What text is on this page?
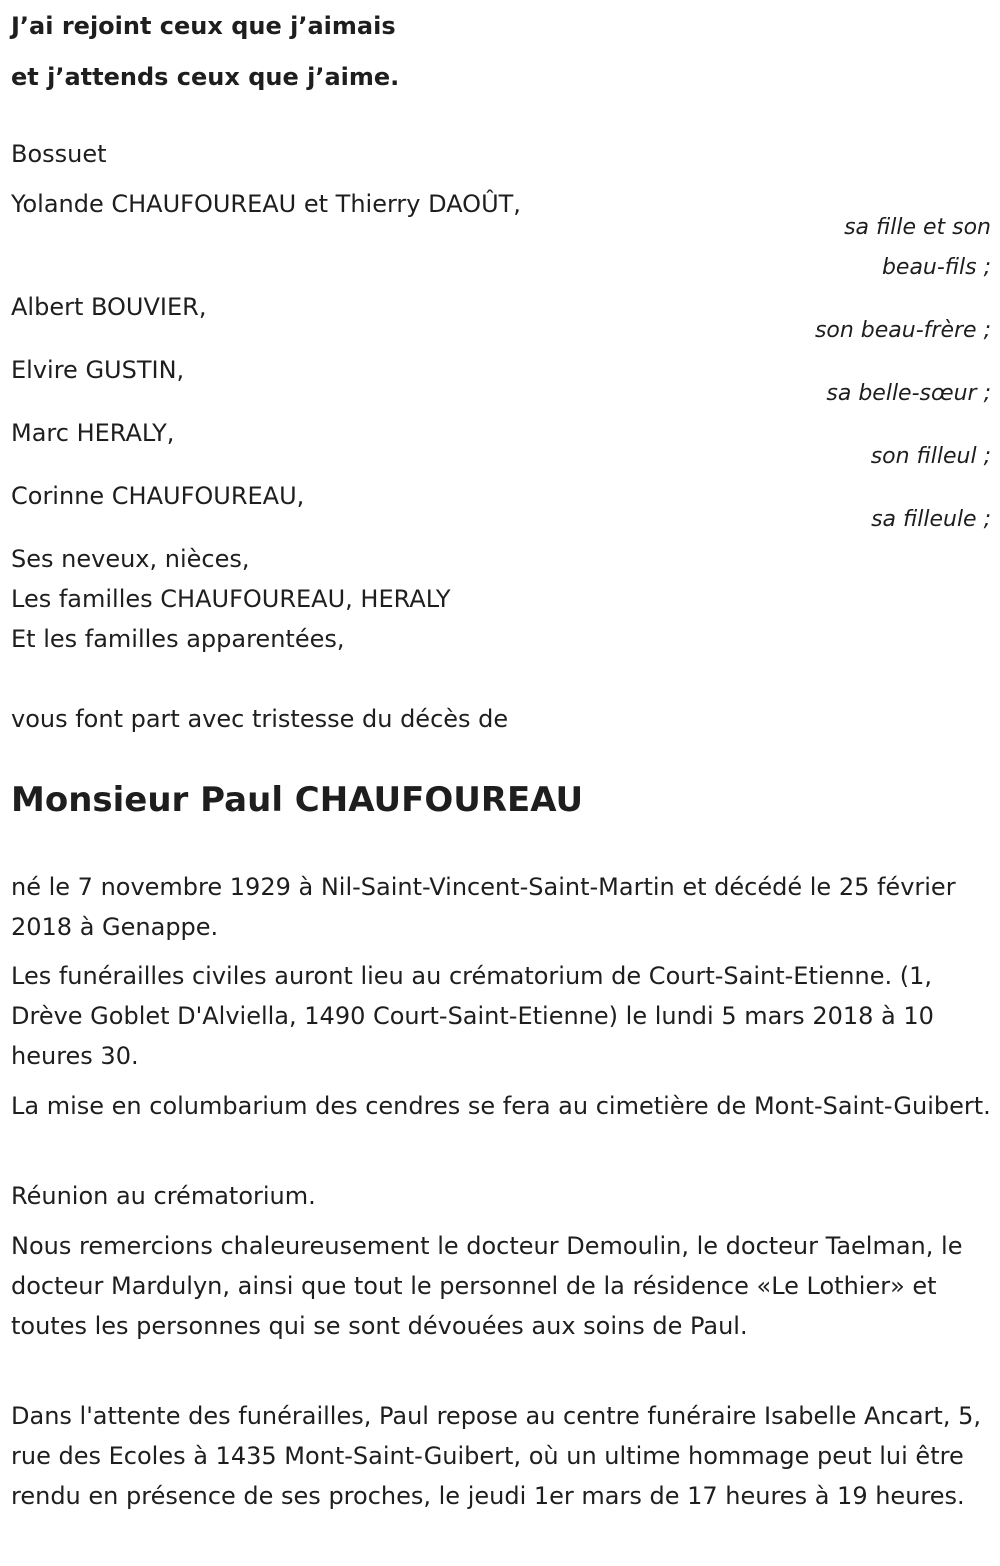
J’ai rejoint ceux que j’aimais

et j’attends ceux que j’aime.

Bossuet

Yolande CHAUFOUREAU et Thierry DAOÛT,

sa fille et son

beau-fils ;

Albert BOUVIER,

son beau-frère ;

Elvire GUSTIN,

sa belle-sœur ;

Marc HERALY,

son filleul ;

Corinne CHAUFOUREAU,

sa filleule ;

Ses neveux, nièces,

Les familles CHAUFOUREAU, HERALY

Et les familles apparentées,

vous font part avec tristesse du décès de

Monsieur Paul CHAUFOUREAU

né le 7 novembre 1929 à Nil-Saint-Vincent-Saint-Martin et décédé le 25 février 2018 à Genappe.

Les funérailles civiles auront lieu au crématorium de Court-Saint-Etienne. (1, Drève Goblet D'Alviella, 1490 Court-Saint-Etienne) le lundi 5 mars 2018 à 10 heures 30.

La mise en columbarium des cendres se fera au cimetière de Mont-Saint-Guibert.

Réunion au crématorium.

Nous remercions chaleureusement le docteur Demoulin, le docteur Taelman, le docteur Mardulyn, ainsi que tout le personnel de la résidence «Le Lothier» et toutes les personnes qui se sont dévouées aux soins de Paul.

Dans l'attente des funérailles, Paul repose au centre funéraire Isabelle Ancart, 5, rue des Ecoles à 1435 Mont-Saint-Guibert, où un ultime hommage peut lui être rendu en présence de ses proches, le jeudi 1er mars de 17 heures à 19 heures.
